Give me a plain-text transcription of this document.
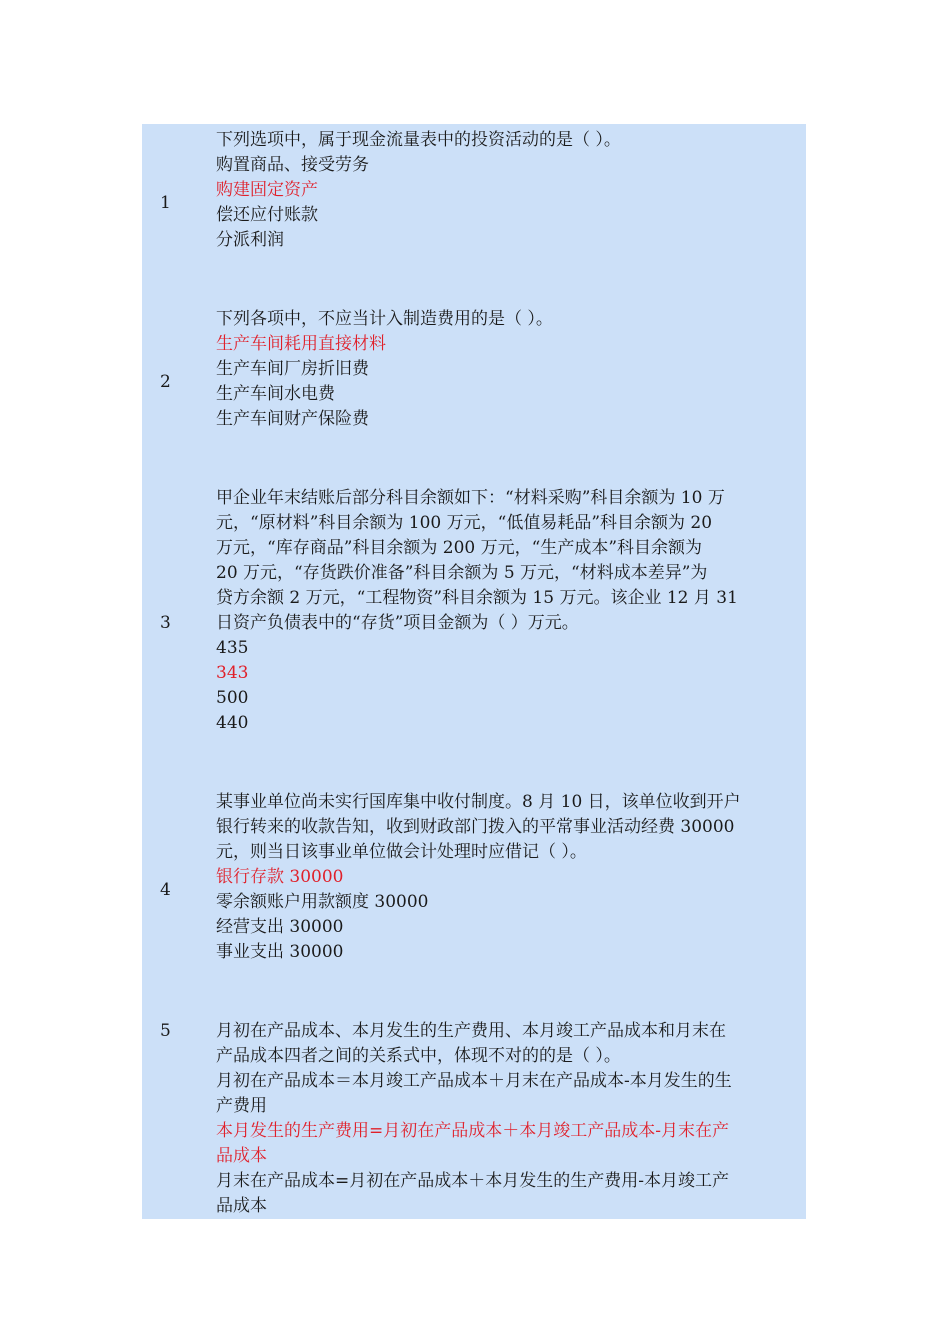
1
下列选项中，属于现金流量表中的投资活动的是（ ）。
购置商品、接受劳务
购建固定资产
偿还应付账款
分派利润
2
下列各项中，不应当计入制造费用的是（ ）。
生产车间耗用直接材料
生产车间厂房折旧费
生产车间水电费
生产车间财产保险费
3
甲企业年末结账后部分科目余额如下：“材料采购”科目余额为 10 万
元，“原材料”科目余额为 100 万元，“低值易耗品”科目余额为 20
万元，“库存商品”科目余额为 200 万元，“生产成本”科目余额为
20 万元，“存货跌价准备”科目余额为 5 万元，“材料成本差异”为
贷方余额 2 万元，“工程物资”科目余额为 15 万元。该企业 12 月 31
日资产负债表中的“存货”项目金额为（ ）万元。
435
343
500
440
4
某事业单位尚未实行国库集中收付制度。8 月 10 日，该单位收到开户
银行转来的收款告知，收到财政部门拨入的平常事业活动经费 30000
元，则当日该事业单位做会计处理时应借记（ ）。
银行存款 30000
零余额账户用款额度 30000
经营支出 30000
事业支出 30000
5	月初在产品成本、本月发生的生产费用、本月竣工产品成本和月末在
产品成本四者之间的关系式中，体现不对的的是（ ）。
月初在产品成本＝本月竣工产品成本＋月末在产品成本-本月发生的生
产费用
本月发生的生产费用=月初在产品成本＋本月竣工产品成本-月末在产
品成本
月末在产品成本=月初在产品成本＋本月发生的生产费用-本月竣工产
品成本
